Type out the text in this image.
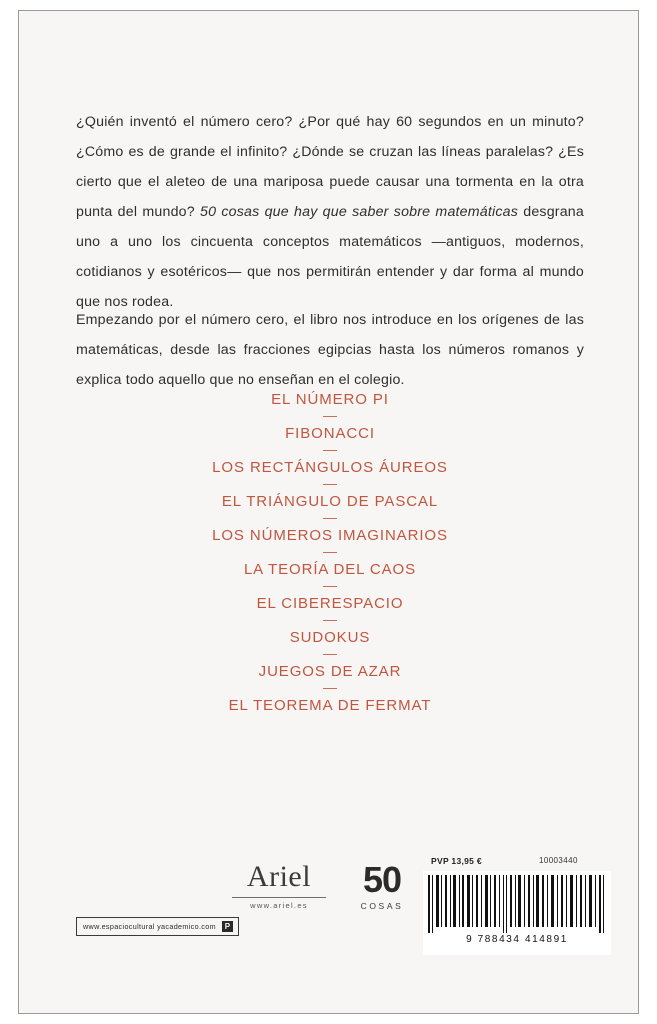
¿Quién inventó el número cero? ¿Por qué hay 60 segundos en un minuto? ¿Cómo es de grande el infinito? ¿Dónde se cruzan las líneas paralelas? ¿Es cierto que el aleteo de una mariposa puede causar una tormenta en la otra punta del mundo? 50 cosas que hay que saber sobre matemáticas desgrana uno a uno los cincuenta conceptos matemáticos —antiguos, modernos, cotidianos y esotéricos— que nos permitirán entender y dar forma al mundo que nos rodea.

Empezando por el número cero, el libro nos introduce en los orígenes de las matemáticas, desde las fracciones egipcias hasta los números romanos y explica todo aquello que no enseñan en el colegio.

EL NÚMERO PI
FIBONACCI
LOS RECTÁNGULOS ÁUREOS
EL TRIÁNGULO DE PASCAL
LOS NÚMEROS IMAGINARIOS
LA TEORÍA DEL CAOS
EL CIBERESPACIO
SUDOKUS
JUEGOS DE AZAR
EL TEOREMA DE FERMAT
Ariel
www.ariel.es
50
COSAS
PVP 13,95 €	10003440
9 788434 414891
www.espaciocultural yacademico.com	P
